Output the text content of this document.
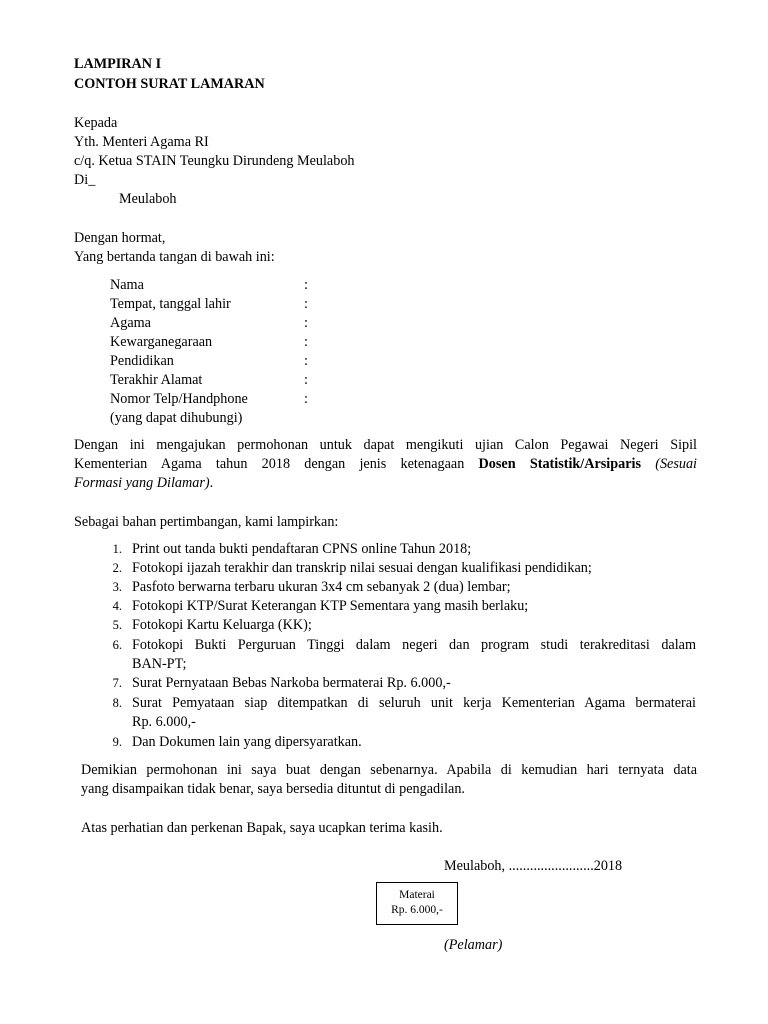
LAMPIRAN I
CONTOH SURAT LAMARAN
Kepada
Yth. Menteri Agama RI
c/q. Ketua STAIN Teungku Dirundeng Meulaboh
Di_
Meulaboh
Dengan hormat,
Yang bertanda tangan di bawah ini:
Nama	:
Tempat, tanggal lahir	:
Agama	:
Kewarganegaraan	:
Pendidikan	:
Terakhir Alamat	:
Nomor Telp/Handphone	:
(yang dapat dihubungi)
Dengan ini mengajukan permohonan untuk dapat mengikuti ujian Calon Pegawai Negeri Sipil
Kementerian Agama tahun 2018 dengan jenis ketenagaan Dosen Statistik/Arsiparis (Sesuai
Formasi yang Dilamar).
Sebagai bahan pertimbangan, kami lampirkan:
1. Print out tanda bukti pendaftaran CPNS online Tahun 2018;
2. Fotokopi ijazah terakhir dan transkrip nilai sesuai dengan kualifikasi pendidikan;
3. Pasfoto berwarna terbaru ukuran 3x4 cm sebanyak 2 (dua) lembar;
4. Fotokopi KTP/Surat Keterangan KTP Sementara yang masih berlaku;
5. Fotokopi Kartu Keluarga (KK);
6. Fotokopi Bukti Perguruan Tinggi dalam negeri dan program studi terakreditasi dalam
BAN-PT;
7. Surat Pernyataan Bebas Narkoba bermaterai Rp. 6.000,-
8. Surat Pemyataan siap ditempatkan di seluruh unit kerja Kementerian Agama bermaterai
Rp. 6.000,-
9. Dan Dokumen lain yang dipersyaratkan.
Demikian permohonan ini saya buat dengan sebenarnya. Apabila di kemudian hari ternyata data
yang disampaikan tidak benar, saya bersedia dituntut di pengadilan.
Atas perhatian dan perkenan Bapak, saya ucapkan terima kasih.
Meulaboh, ........................2018
Materai
Rp. 6.000,-
(Pelamar)
